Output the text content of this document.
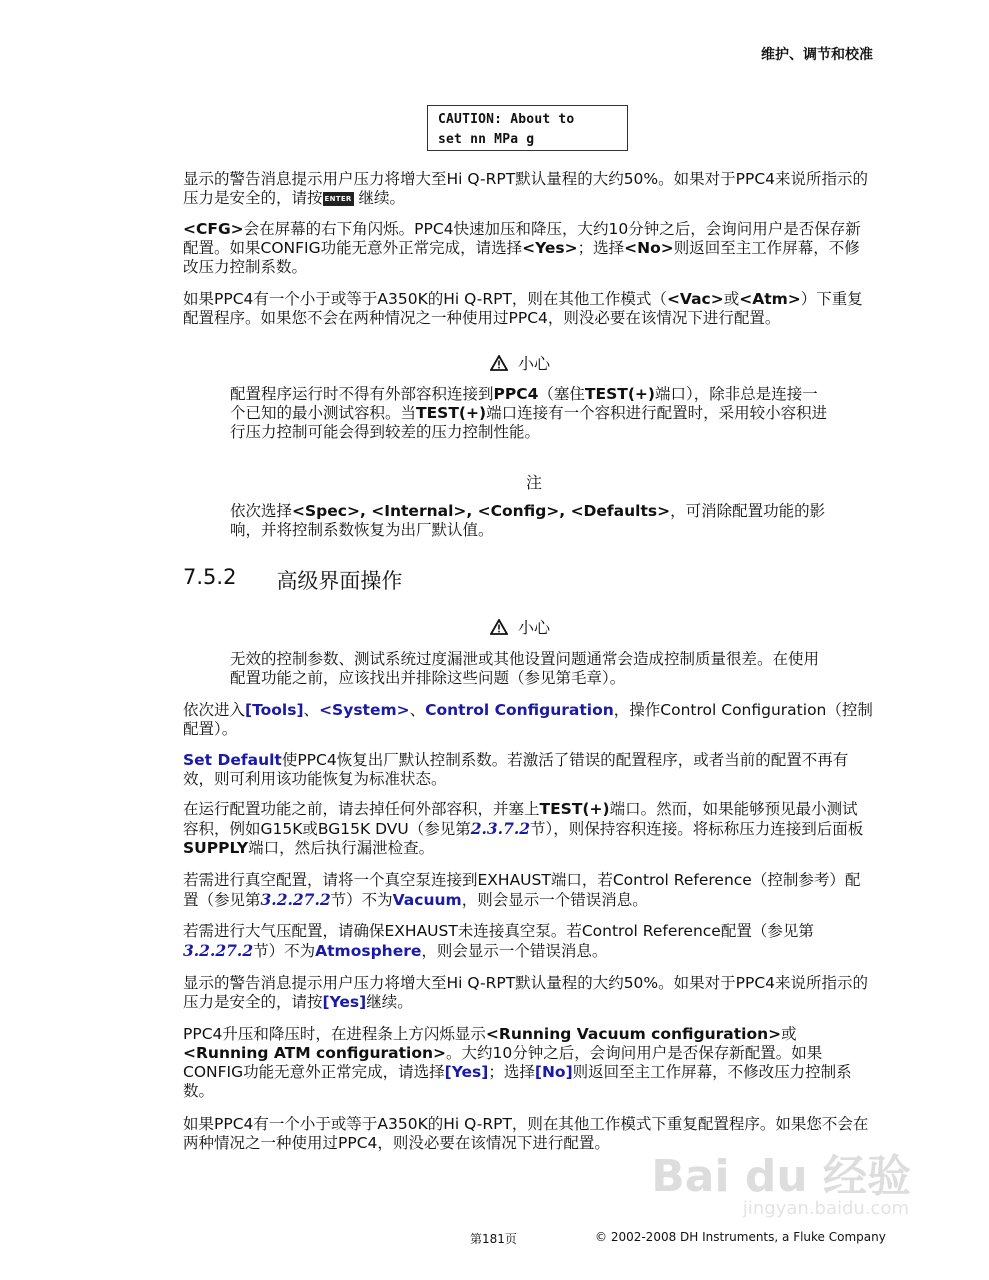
维护、调节和校准
CAUTION: About to
set nn MPa g

显示的警告消息提示用户压力将增大至Hi Q-RPT默认量程的大约50%。如果对于PPC4来说所指示的压力是安全的，请按 ENTER 继续。

<CFG>会在屏幕的右下角闪烁。PPC4快速加压和降压，大约10分钟之后，会询问用户是否保存新配置。如果CONFIG功能无意外正常完成，请选择<Yes>；选择<No>则返回至主工作屏幕，不修改压力控制系数。

如果PPC4有一个小于或等于A350K的Hi Q-RPT，则在其他工作模式（<Vac>或<Atm>）下重复配置程序。如果您不会在两种情况之一种使用过PPC4，则没必要在该情况下进行配置。

小心

配置程序运行时不得有外部容积连接到PPC4（塞住TEST(+)端口），除非总是连接一个已知的最小测试容积。当TEST(+)端口连接有一个容积进行配置时，采用较小容积进行压力控制可能会得到较差的压力控制性能。

注

依次选择<Spec>, <Internal>, <Config>, <Defaults>，可消除配置功能的影响，并将控制系数恢复为出厂默认值。

7.5.2 高级界面操作
小心

无效的控制参数、测试系统过度漏泄或其他设置问题通常会造成控制质量很差。在使用配置功能之前，应该找出并排除这些问题（参见第毛章）。

依次进入[Tools]、<System>、Control Configuration，操作Control Configuration（控制配置）。

Set Default使PPC4恢复出厂默认控制系数。若激活了错误的配置程序，或者当前的配置不再有效，则可利用该功能恢复为标准状态。

在运行配置功能之前，请去掉任何外部容积，并塞上TEST(+)端口。然而，如果能够预见最小测试容积，例如G15K或BG15K DVU（参见第2.3.7.2节），则保持容积连接。将标称压力连接到后面板SUPPLY端口，然后执行漏泄检查。

若需进行真空配置，请将一个真空泵连接到EXHAUST端口，若Control Reference（控制参考）配置（参见第3.2.27.2节）不为Vacuum，则会显示一个错误消息。

若需进行大气压配置，请确保EXHAUST未连接真空泵。若Control Reference配置（参见第3.2.27.2节）不为Atmosphere，则会显示一个错误消息。

显示的警告消息提示用户压力将增大至Hi Q-RPT默认量程的大约50%。如果对于PPC4来说所指示的压力是安全的，请按[Yes]继续。

PPC4升压和降压时，在进程条上方闪烁显示<Running Vacuum configuration>或<Running ATM configuration>。大约10分钟之后，会询问用户是否保存新配置。如果CONFIG功能无意外正常完成，请选择[Yes]；选择[No]则返回至主工作屏幕，不修改压力控制系数。

如果PPC4有一个小于或等于A350K的Hi Q-RPT，则在其他工作模式下重复配置程序。如果您不会在两种情况之一种使用过PPC4，则没必要在该情况下进行配置。

Bai du 经验
jingyan.baidu.com
第181页	© 2002-2008 DH Instruments, a Fluke Company
